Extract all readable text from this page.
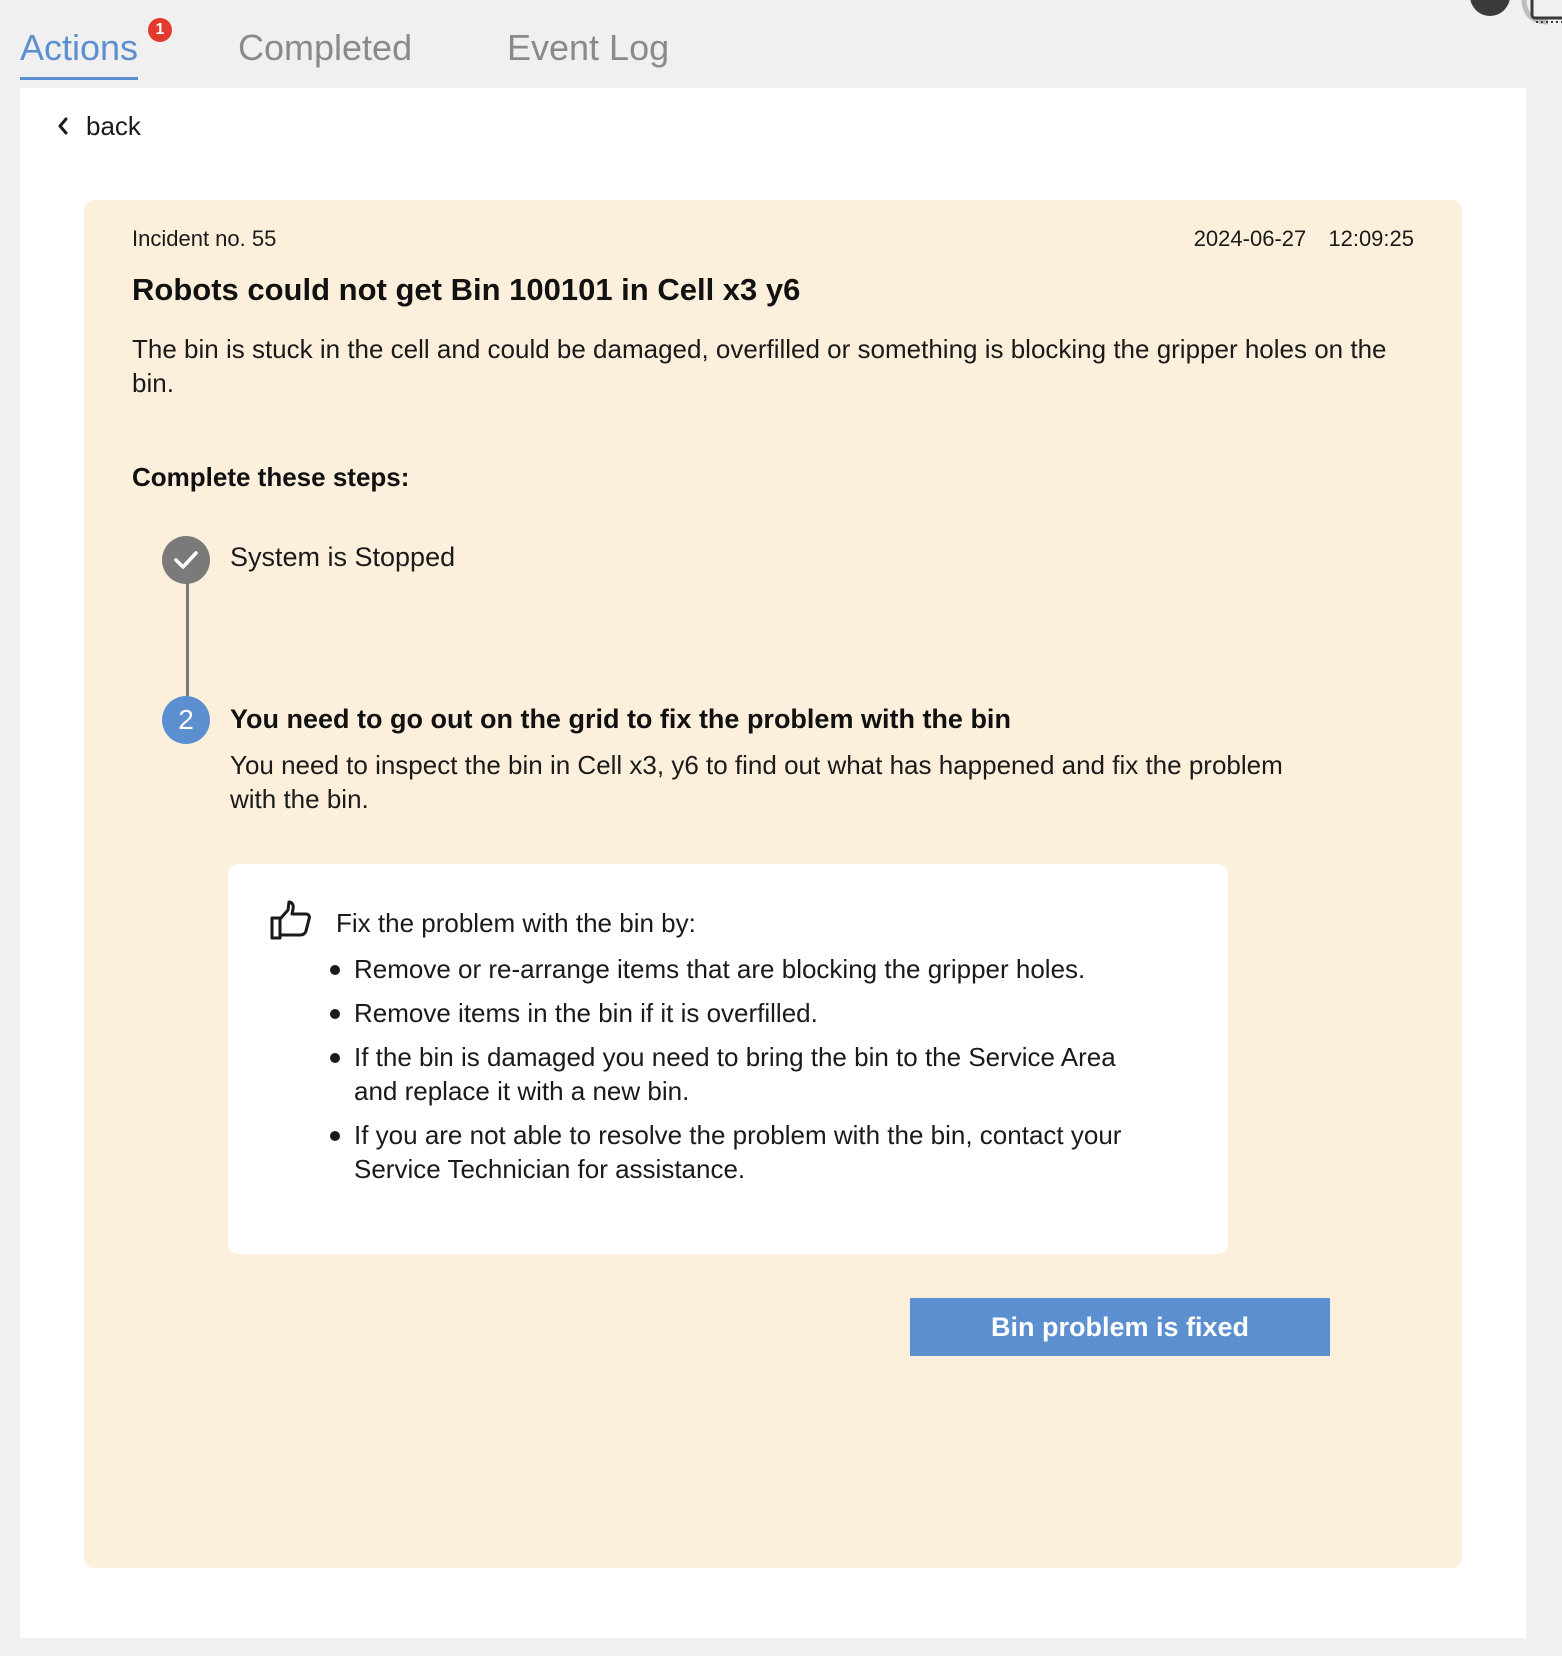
Actions	1 Completed	Event Log
back
Incident no. 55	2024-06-27 12:09:25
Robots could not get Bin 100101 in Cell x3 y6

The bin is stuck in the cell and could be damaged, overfilled or something is blocking the gripper holes on the bin.

Complete these steps:
System is Stopped
2	You need to go out on the grid to fix the problem with the bin

You need to inspect the bin in Cell x3, y6 to find out what has happened and fix the problem with the bin.

Fix the problem with the bin by:
Remove or re-arrange items that are blocking the gripper holes.
Remove items in the bin if it is overfilled.
If the bin is damaged you need to bring the bin to the Service Area and replace it with a new bin.
If you are not able to resolve the problem with the bin, contact your Service Technician for assistance.
Bin problem is fixed
